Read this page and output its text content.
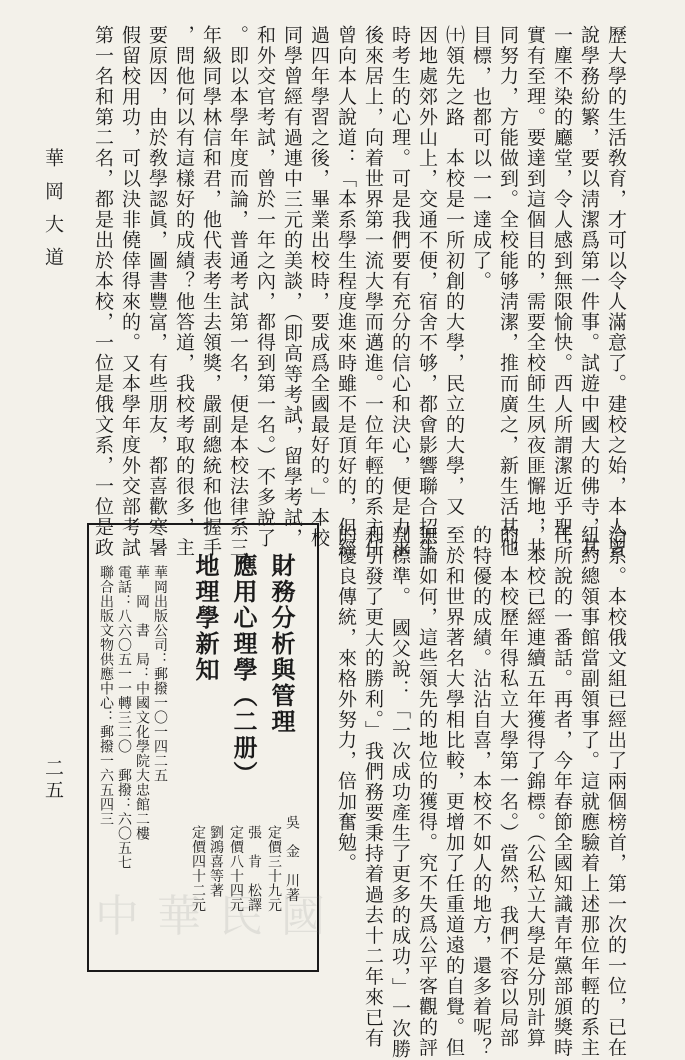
華岡大道
二五
歷大學的生活敎育，才可以令人滿意了。建校之始，本人曾
說學務紛繁，要以淸潔爲第一件事。試遊中國大的佛寺，其
一塵不染的廳堂，令人感到無限愉快。西人所謂潔近乎聖，
實有至理。要達到這個目的，需要全校師生夙夜匪懈地，共
同努力，方能做到。全校能够淸潔，推而廣之，新生活其他
目標，也都可以一一達成了。
㈩領先之路　本校是一所初創的大學，民立的大學，又
因地處郊外山上，交通不便，宿舍不够，都會影響聯合招生
時考生的心理。可是我們要有充分的信心和決心，便是力求
後來居上，向着世界第一流大學而邁進。一位年輕的系主任
曾向本人說道：「本系學生程度進來時雖不是頂好的，但經
過四年學習之後，畢業出校時，要成爲全國最好的。」本校
同學曾經有過連中三元的美談，（即高等考試，留學考試，
和外交官考試，曾於一年之內，都得到第一名。）不多說了
。即以本學年度而論，普通考試第一名，便是本校法律系三
年級同學林信和君，他代表考生去領獎，嚴副總統和他握手
，問他何以有這樣好的成績？他答道，我校考取的很多，主
要原因，由於敎學認眞，圖書豐富，有些朋友，都喜歡寒暑
假留校用功，可以決非僥倖得來的。又本學年度外交部考試
第一名和第二名，都是出於本校，一位是俄文系，一位是政
治系。本校俄文組已經出了兩個榜首，第一次的一位，已在
紐約總領事館當副領事了。這就應驗着上述那位年輕的系主
任所說的一番話。再者，今年春節全國知識青年黨部頒獎時
，本校已經連續五年獲得了錦標。（公私立大學是分別計算
的，本校歷年得私立大學第一名。）當然，我們不容以局部
的特優的成績。沾沾自喜，本校不如人的地方，還多着呢？
至於和世界著名大學相比較，更增加了任重道遠的自覺。但
無論如何，這些領先的地位的獲得。究不失爲公平客觀的評
判標準。　國父說：「一次成功產生了更多的成功，」一次勝
利引發了更大的勝利。」我們務要秉持着過去十二年來已有
的優良傳統，來格外努力，倍加奮勉。
財務分析與管理
應用心理學（二册）
地理學新知
吳　金　川著
定價三十九元
張　肯　松譯
定價八十四元
劉鴻喜等著
定價四十二元
華岡出版公司：郵撥一〇一四二五
華　岡　書　局：中國文化學院大忠館二樓
電話：八六〇五一一轉三二〇　郵撥：六〇五七
聯合出版文物供應中心：郵撥一六五四三
中華民國
